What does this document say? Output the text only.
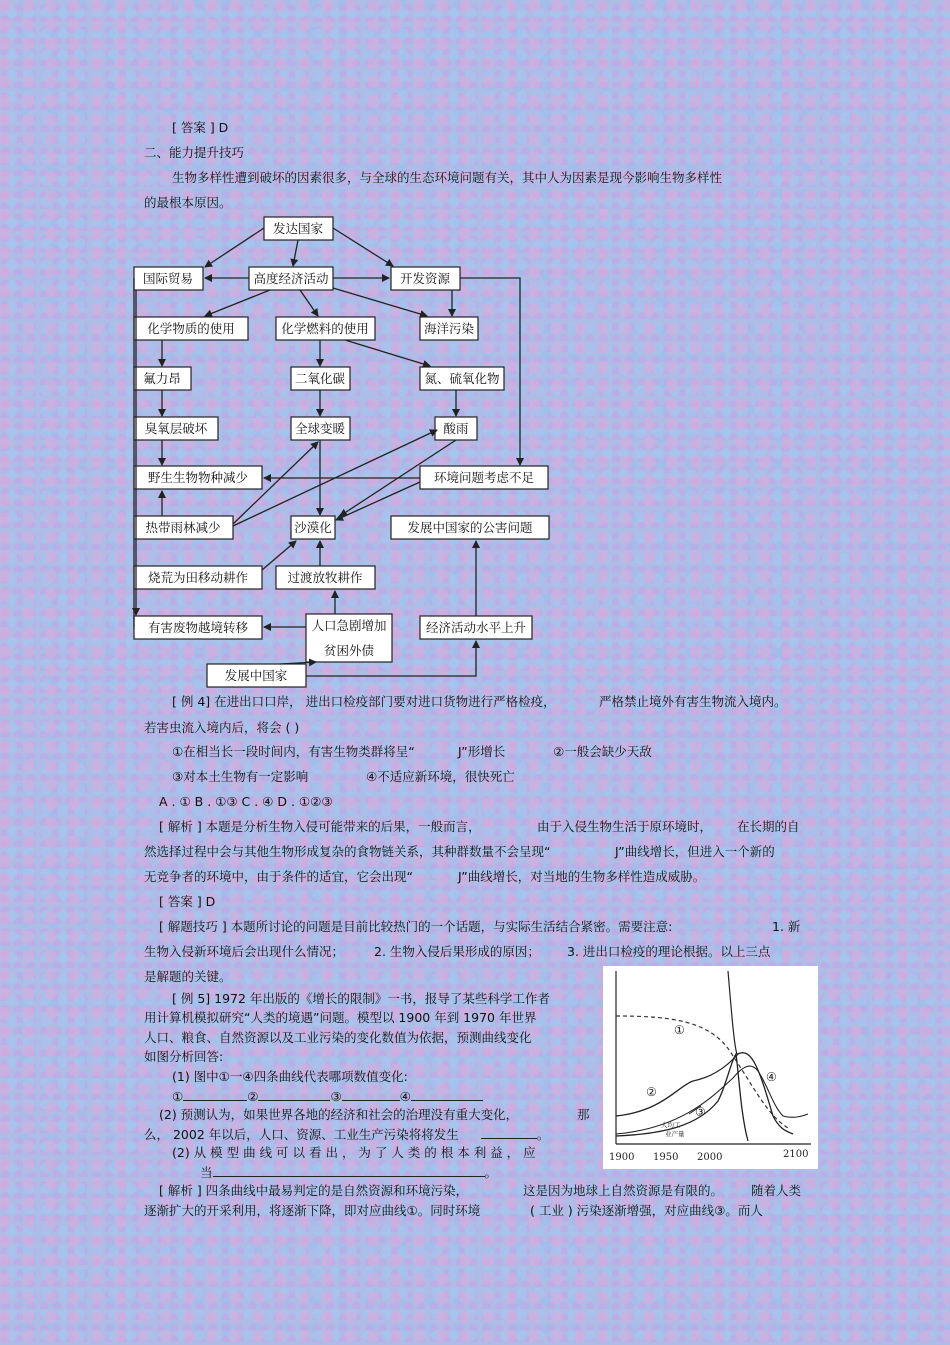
[ 答案 ] D
二、能力提升技巧
生物多样性遭到破坏的因素很多，与全球的生态环境问题有关，其中人为因素是现今影响生物多样性
的最根本原因。
发达国家
国际贸易	高度经济活动	开发资源
化学物质的使用	化学燃料的使用	海洋污染
氟力昂	二氧化碳	氮、硫氧化物
臭氧层破坏	全球变暖	酸雨
野生生物物种减少	环境问题考虑不足
热带雨林减少	沙漠化	发展中国家的公害问题
烧荒为田移动耕作	过渡放牧耕作
有害废物越境转移	人口急剧增加
贫困外债
经济活动水平上升
发展中国家
[ 例 4] 在进出口口岸， 进出口检疫部门要对进口货物进行严格检疫，	严格禁止境外有害生物流入境内。
若害虫流入境内后，将会 ( )
①在相当长一段时间内，有害生物类群将呈“	J”形增长	②一般会缺少天敌
③对本土生物有一定影响	④不适应新环境，很快死亡
A . ① B . ①③ C . ④ D . ①②③
[ 解析 ] 本题是分析生物入侵可能带来的后果，一般而言，	由于入侵生物生活于原环境时， 在长期的自
然选择过程中会与其他生物形成复杂的食物链关系，其种群数量不会呈现“	J”曲线增长，但进入一个新的
无竞争者的环境中，由于条件的适宜，它会出现“	J”曲线增长，对当地的生物多样性造成威胁。
[ 答案 ] D
[ 解题技巧 ] 本题所讨论的问题是目前比较热门的一个话题，与实际生活结合紧密。需要注意:	1. 新
生物入侵新环境后会出现什么情况； 2. 生物入侵后果形成的原因； 3. 进出口检疫的理论根据。以上三点
是解题的关键。
[ 例 5] 1972 年出版的《增长的限制》一书，报导了某些科学工作者
用计算机模拟研究“人类的境遇”问题。模型以 1900 年到 1970 年世界
人口、粮食、自然资源以及工业污染的变化数值为依据，预测曲线变化
如图分析回答:
(1) 图中①一④四条曲线代表哪项数值变化:
①	②	③	④
(2) 预测认为，如果世界各地的经济和社会的治理没有重大变化，	那
么， 2002 年以后，人口、资源、工业生产污染将将发生	。
(2) 从 模 型 曲 线 可 以 看 出 ， 为 了 人 类 的 根 本 利 益 ， 应
当	。
[ 解析 ] 四条曲线中最易判定的是自然资源和环境污染，	这是因为地球上自然资源是有限的。 随着人类
逐渐扩大的开采利用，将逐渐下降，即对应曲线①。同时环境	( 工业 ) 污染逐渐增强，对应曲线③。而人
①
②
③
④
人均工
业产量
1900 1950 2000	2100
